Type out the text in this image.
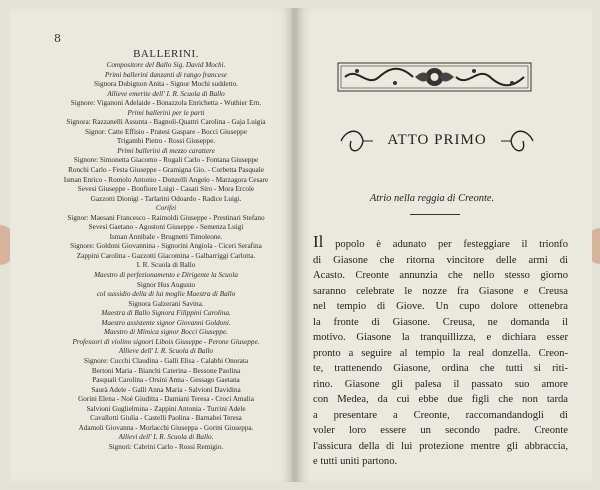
8
BALLERINI.
Compositore del Ballo Sig. David Mochi.
Primi ballerini danzanti di rango francese
Signora Dubignon Anita - Signor Mochi suddetto.
Allieve emerite dell' I. R. Scuola di Ballo
Signore: Viganoni Adelaide - Bonazzola Enrichetta - Wuthier Ern.
Primi ballerini per le parti
Signora: Razzanelli Assunta - Bagnoli-Quattri Carolina - Gaja Luigia
Signor: Catte Effisio - Pratesi Gaspare - Bocci Giuseppe
Trigambi Pietro - Rossi Giuseppe.
Primi ballerini di mezzo carattere
Signore: Simonetta Giacomo - Rugali Carlo - Fontana Giuseppe
Ronchi Carlo - Festa Giuseppe - Gramigna Gio. - Corbetta Pasquale
Isman Enrico - Romolo Antonio - Donzelli Angelo - Marzagora Cesare
Sevesi Giuseppe - Bonfiore Luigi - Casati Siro - Mora Ercole
Gazzotti Dionigi - Tarlarini Odoardo - Radice Luigi.
Corifei
Signor: Maesani Francesco - Raimoldi Giuseppe - Prestinari Stefano
Sevesi Gaetano - Agostoni Giuseppe - Semenza Luigi
Isman Annibale - Brugnetti Timoleone.
Signore: Goldoni Giovannina - Signorini Angiola - Ciceri Serafina
Zappini Carolina - Gazzotti Giacomina - Galbarriggi Carlotta.
I. R. Scuola di Ballo
Maestro di perfezionamento e Dirigente la Scuola
Signor Hus Augusto
col sussidio della di lui moglie Maestra di Ballo
Signora Galzerani Savina.
Maestra di Ballo Signora Filippini Carolina.
Maestro assistente signor Giovanni Goldoni.
Maestro di Mimica signor Bocci Giuseppe.
Professori di violino signori Libois Giuseppe - Perone Giuseppe.
Allieve dell' I. R. Scuola di Ballo
Signore: Cucchi Claudina - Galli Elisa - Calabbi Onorata
Bertoni Maria - Bianchi Caterina - Bessone Paolina
Pasquali Carolina - Orsini Anna - Gessago Gaetana
Saurà Adele - Galli Anna Maria - Salvioni Davidina
Gorini Elena - Noè Giuditta - Damiani Teresa - Croci Amalia
Salvioni Guglielmina - Zappini Antonia - Turrini Adele
Cavallotti Giulia - Castelli Paolina - Barnabei Teresa
Adamoli Giovanna - Morlacchi Giuseppa - Gorini Giuseppa.
Allievi dell' I. R. Scuola di Ballo.
Signori: Cabrini Carlo - Rossi Remigio.
ATTO PRIMO
Atrio nella reggia di Creonte.
Il popolo è adunato per festeggiare il trionfo
di Giasone che ritorna vincitore delle armi di
Acasto. Creonte annunzia che nello stesso giorno
saranno celebrate le nozze fra Giasone e Creusa
nel tempio di Giove. Un cupo dolore ottenebra
la fronte di Giasone. Creusa, ne domanda il
motivo. Giasone la tranquillizza, e dichiara esser
pronto a seguire al tempio la real donzella. Creon-
te, trattenendo Giasone, ordina che tutti si riti-
rino. Giasone gli palesa il passato suo amore
con Medea, da cui ebbe due figli che non tarda
a presentare a Creonte, raccomandandogli di
voler loro essere un secondo padre. Creonte
l'assicura della di lui protezione mentre gli abbraccia,
e tutti uniti partono.
